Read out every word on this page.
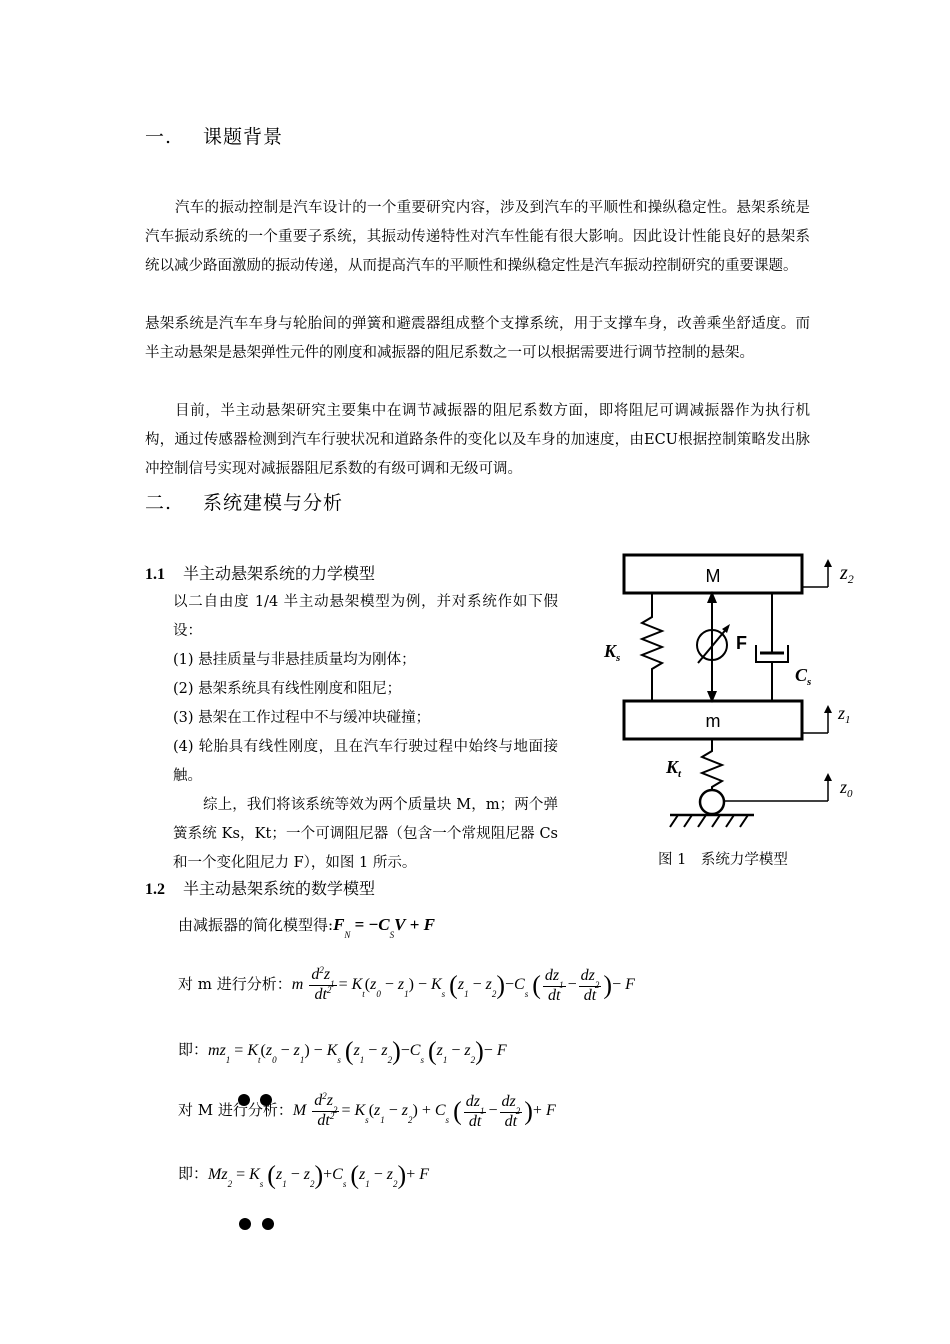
一. 课题背景
汽车的振动控制是汽车设计的一个重要研究内容，涉及到汽车的平顺性和操纵稳定性。悬架系统是汽车振动系统的一个重要子系统，其振动传递特性对汽车性能有很大影响。因此设计性能良好的悬架系统以减少路面激励的振动传递，从而提高汽车的平顺性和操纵稳定性是汽车振动控制研究的重要课题。
悬架系统是汽车车身与轮胎间的弹簧和避震器组成整个支撑系统，用于支撑车身，改善乘坐舒适度。而半主动悬架是悬架弹性元件的刚度和减振器的阻尼系数之一可以根据需要进行调节控制的悬架。
目前，半主动悬架研究主要集中在调节减振器的阻尼系数方面，即将阻尼可调减振器作为执行机构，通过传感器检测到汽车行驶状况和道路条件的变化以及车身的加速度，由ECU根据控制策略发出脉冲控制信号实现对减振器阻尼系数的有级可调和无级可调。
二. 系统建模与分析
1.1 半主动悬架系统的力学模型
以二自由度 1/4 半主动悬架模型为例，并对系统作如下假设：
(1) 悬挂质量与非悬挂质量均为刚体；
(2) 悬架系统具有线性刚度和阻尼；
(3) 悬架在工作过程中不与缓冲块碰撞；
(4) 轮胎具有线性刚度，且在汽车行驶过程中始终与地面接触。
综上，我们将该系统等效为两个质量块 M，m；两个弹簧系统 Ks，Kt；一个可调阻尼器（包含一个常规阻尼器 Cs 和一个变化阻尼力 F），如图 1 所示。
M
m
$K_s$
F
$C_s$
$K_t$
$z_2$
$z_1$
$z_0$
图 1　系统力学模型
1.2 半主动悬架系统的数学模型
由减振器的简化模型得$:F_N = -C_SV + F$
对 m 进行分析：m $\frac{d^2z_1}{dt^2} = K_t(z_0 - z_1) - K_s$ $(z_1 - z_2)-C_s$ ( $\frac{dz_1}{dt} - \frac{dz_2}{dt}$ )− F
即：$mz_1 = K_t(z_0 - z_1) - K_s$ $(z_1 - z_2)-C_s$ $(z_1 - z_2)- F$
对 M 进行分析：M $\frac{d^2z_2}{dt^2} = K_s(z_1 - z_2) + C_s$ ( $\frac{dz_1}{dt} - \frac{dz_2}{dt}$ )+ F
即：$Mz_2 = K_s$ $(z_1 - z_2)+C_s$ $(z_1 - z_2)+ F$
